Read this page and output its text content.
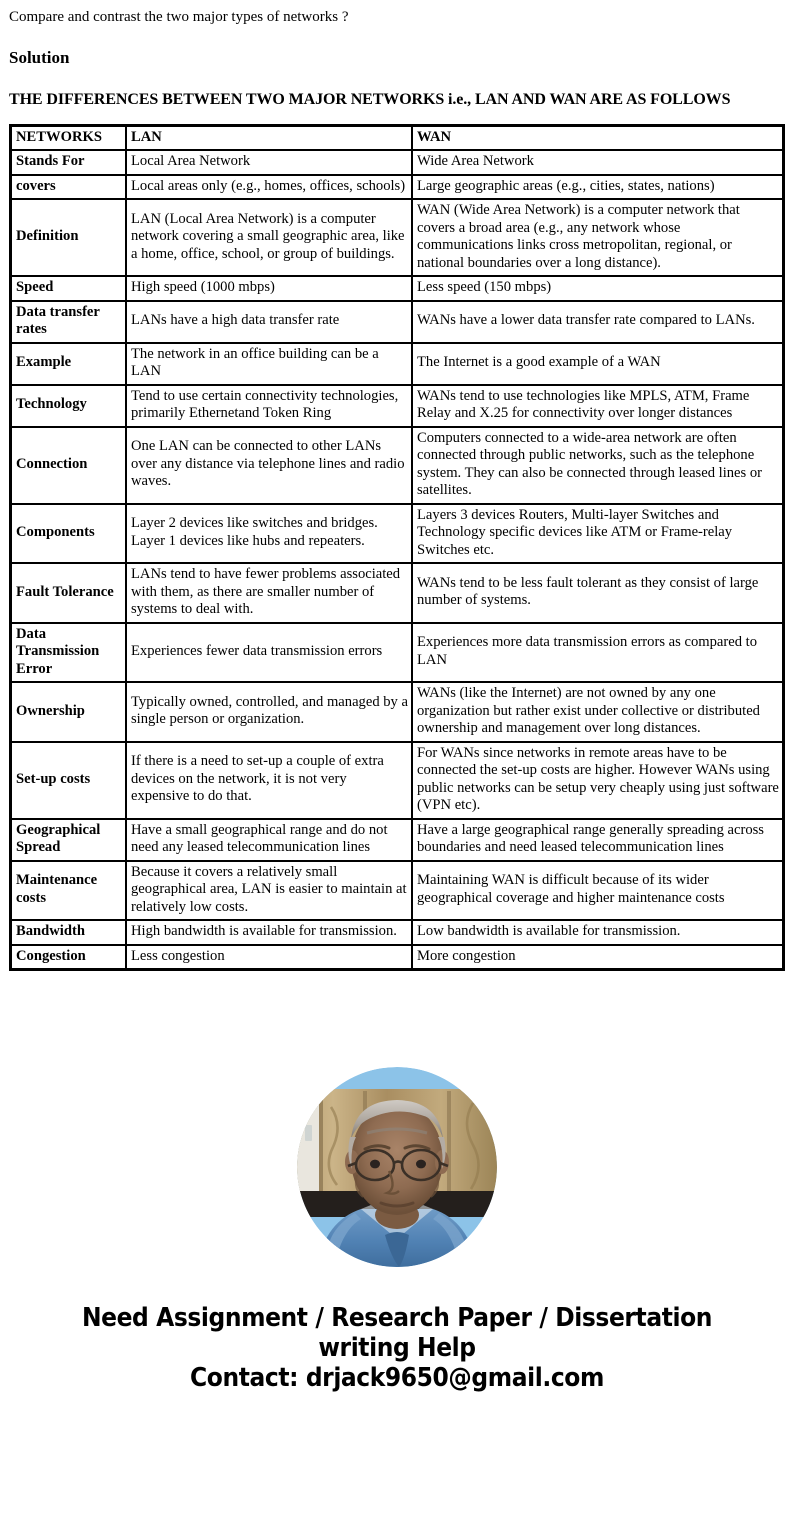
Compare and contrast the two major types of networks ?

Solution
THE DIFFERENCES BETWEEN TWO MAJOR NETWORKS i.e., LAN AND WAN ARE AS FOLLOWS
NETWORKS	LAN	WAN
Stands For	Local Area Network	Wide Area Network
covers	Local areas only (e.g., homes, offices, schools)	Large geographic areas (e.g., cities, states, nations)
Definition	LAN (Local Area Network) is a computer network covering a small geographic area, like a home, office, school, or group of buildings.	WAN (Wide Area Network) is a computer network that covers a broad area (e.g., any network whose communications links cross metropolitan, regional, or national boundaries over a long distance).
Speed	High speed (1000 mbps)	Less speed (150 mbps)
Data transfer rates	LANs have a high data transfer rate	WANs have a lower data transfer rate compared to LANs.
Example	The network in an office building can be a LAN	The Internet is a good example of a WAN
Technology	Tend to use certain connectivity technologies, primarily Ethernetand Token Ring	WANs tend to use technologies like MPLS, ATM, Frame Relay and X.25 for connectivity over longer distances
Connection	One LAN can be connected to other LANs over any distance via telephone lines and radio waves.	Computers connected to a wide-area network are often connected through public networks, such as the telephone system. They can also be connected through leased lines or satellites.
Components	Layer 2 devices like switches and bridges. Layer 1 devices like hubs and repeaters.	Layers 3 devices Routers, Multi-layer Switches and Technology specific devices like ATM or Frame-relay Switches etc.
Fault Tolerance	LANs tend to have fewer problems associated with them, as there are smaller number of systems to deal with.	WANs tend to be less fault tolerant as they consist of large number of systems.
Data Transmission Error	Experiences fewer data transmission errors	Experiences more data transmission errors as compared to LAN
Ownership	Typically owned, controlled, and managed by a single person or organization.	WANs (like the Internet) are not owned by any one organization but rather exist under collective or distributed ownership and management over long distances.
Set-up costs	If there is a need to set-up a couple of extra devices on the network, it is not very expensive to do that.	For WANs since networks in remote areas have to be connected the set-up costs are higher. However WANs using public networks can be setup very cheaply using just software (VPN etc).
Geographical Spread	Have a small geographical range and do not need any leased telecommunication lines	Have a large geographical range generally spreading across boundaries and need leased telecommunication lines
Maintenance costs	Because it covers a relatively small geographical area, LAN is easier to maintain at relatively low costs.	Maintaining WAN is difficult because of its wider geographical coverage and higher maintenance costs
Bandwidth	High bandwidth is available for transmission.	Low bandwidth is available for transmission.
Congestion	Less congestion	More congestion
Need Assignment / Research Paper / Dissertation
writing Help
Contact: drjack9650@gmail.com
